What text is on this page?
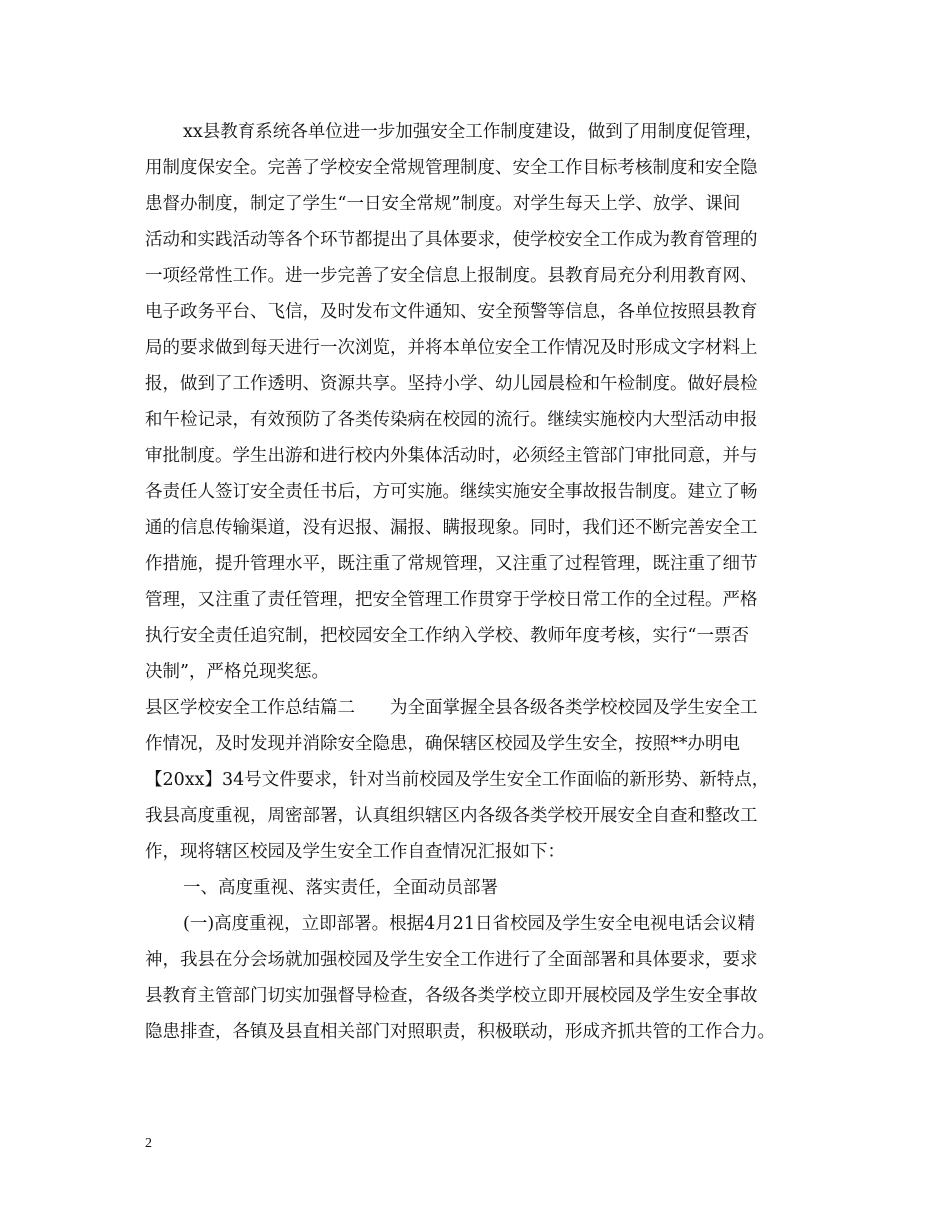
xx县教育系统各单位进一步加强安全工作制度建设，做到了用制度促管理，
用制度保安全。完善了学校安全常规管理制度、安全工作目标考核制度和安全隐
患督办制度，制定了学生“一日安全常规”制度。对学生每天上学、放学、课间
活动和实践活动等各个环节都提出了具体要求，使学校安全工作成为教育管理的
一项经常性工作。进一步完善了安全信息上报制度。县教育局充分利用教育网、
电子政务平台、飞信，及时发布文件通知、安全预警等信息，各单位按照县教育
局的要求做到每天进行一次浏览，并将本单位安全工作情况及时形成文字材料上
报，做到了工作透明、资源共享。坚持小学、幼儿园晨检和午检制度。做好晨检
和午检记录，有效预防了各类传染病在校园的流行。继续实施校内大型活动申报
审批制度。学生出游和进行校内外集体活动时，必须经主管部门审批同意，并与
各责任人签订安全责任书后，方可实施。继续实施安全事故报告制度。建立了畅
通的信息传输渠道，没有迟报、漏报、瞒报现象。同时，我们还不断完善安全工
作措施，提升管理水平，既注重了常规管理，又注重了过程管理，既注重了细节
管理，又注重了责任管理，把安全管理工作贯穿于学校日常工作的全过程。严格
执行安全责任追究制，把校园安全工作纳入学校、教师年度考核，实行“一票否
决制”，严格兑现奖惩。
县区学校安全工作总结篇二　　为全面掌握全县各级各类学校校园及学生安全工
作情况，及时发现并消除安全隐患，确保辖区校园及学生安全，按照**办明电
【20xx】34号文件要求，针对当前校园及学生安全工作面临的新形势、新特点，
我县高度重视，周密部署，认真组织辖区内各级各类学校开展安全自查和整改工
作，现将辖区校园及学生安全工作自查情况汇报如下：
一、高度重视、落实责任，全面动员部署
(一)高度重视，立即部署。根据4月21日省校园及学生安全电视电话会议精
神，我县在分会场就加强校园及学生安全工作进行了全面部署和具体要求，要求
县教育主管部门切实加强督导检查，各级各类学校立即开展校园及学生安全事故
隐患排查，各镇及县直相关部门对照职责，积极联动，形成齐抓共管的工作合力。
2
